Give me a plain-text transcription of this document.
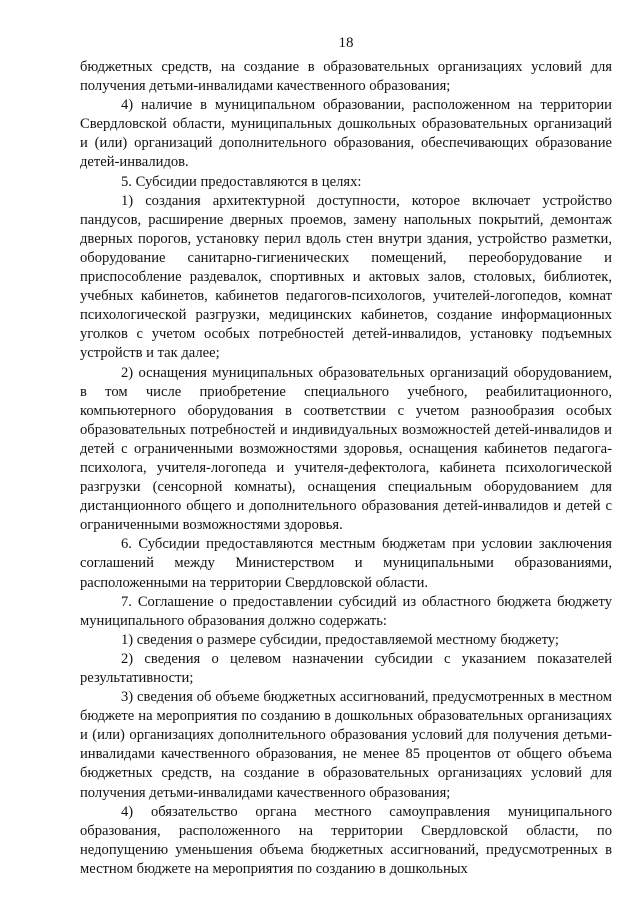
18

бюджетных средств, на создание в образовательных организациях условий для получения детьми-инвалидами качественного образования;

4) наличие в муниципальном образовании, расположенном на территории Свердловской области, муниципальных дошкольных образовательных организаций и (или) организаций дополнительного образования, обеспечивающих образование детей-инвалидов.

5. Субсидии предоставляются в целях:

1) создания архитектурной доступности, которое включает устройство пандусов, расширение дверных проемов, замену напольных покрытий, демонтаж дверных порогов, установку перил вдоль стен внутри здания, устройство разметки, оборудование санитарно-гигиенических помещений, переоборудование и приспособление раздевалок, спортивных и актовых залов, столовых, библиотек, учебных кабинетов, кабинетов педагогов-психологов, учителей-логопедов, комнат психологической разгрузки, медицинских кабинетов, создание информационных уголков с учетом особых потребностей детей-инвалидов, установку подъемных устройств и так далее;

2) оснащения муниципальных образовательных организаций оборудованием, в том числе приобретение специального учебного, реабилитационного, компьютерного оборудования в соответствии с учетом разнообразия особых образовательных потребностей и индивидуальных возможностей детей-инвалидов и детей с ограниченными возможностями здоровья, оснащения кабинетов педагога-психолога, учителя-логопеда и учителя-дефектолога, кабинета психологической разгрузки (сенсорной комнаты), оснащения специальным оборудованием для дистанционного общего и дополнительного образования детей-инвалидов и детей с ограниченными возможностями здоровья.

6. Субсидии предоставляются местным бюджетам при условии заключения соглашений между Министерством и муниципальными образованиями, расположенными на территории Свердловской области.

7. Соглашение о предоставлении субсидий из областного бюджета бюджету муниципального образования должно содержать:

1) сведения о размере субсидии, предоставляемой местному бюджету;

2) сведения о целевом назначении субсидии с указанием показателей результативности;

3) сведения об объеме бюджетных ассигнований, предусмотренных в местном бюджете на мероприятия по созданию в дошкольных образовательных организациях и (или) организациях дополнительного образования условий для получения детьми-инвалидами качественного образования, не менее 85 процентов от общего объема бюджетных средств, на создание в образовательных организациях условий для получения детьми-инвалидами качественного образования;

4) обязательство органа местного самоуправления муниципального образования, расположенного на территории Свердловской области, по недопущению уменьшения объема бюджетных ассигнований, предусмотренных в местном бюджете на мероприятия по созданию в дошкольных
